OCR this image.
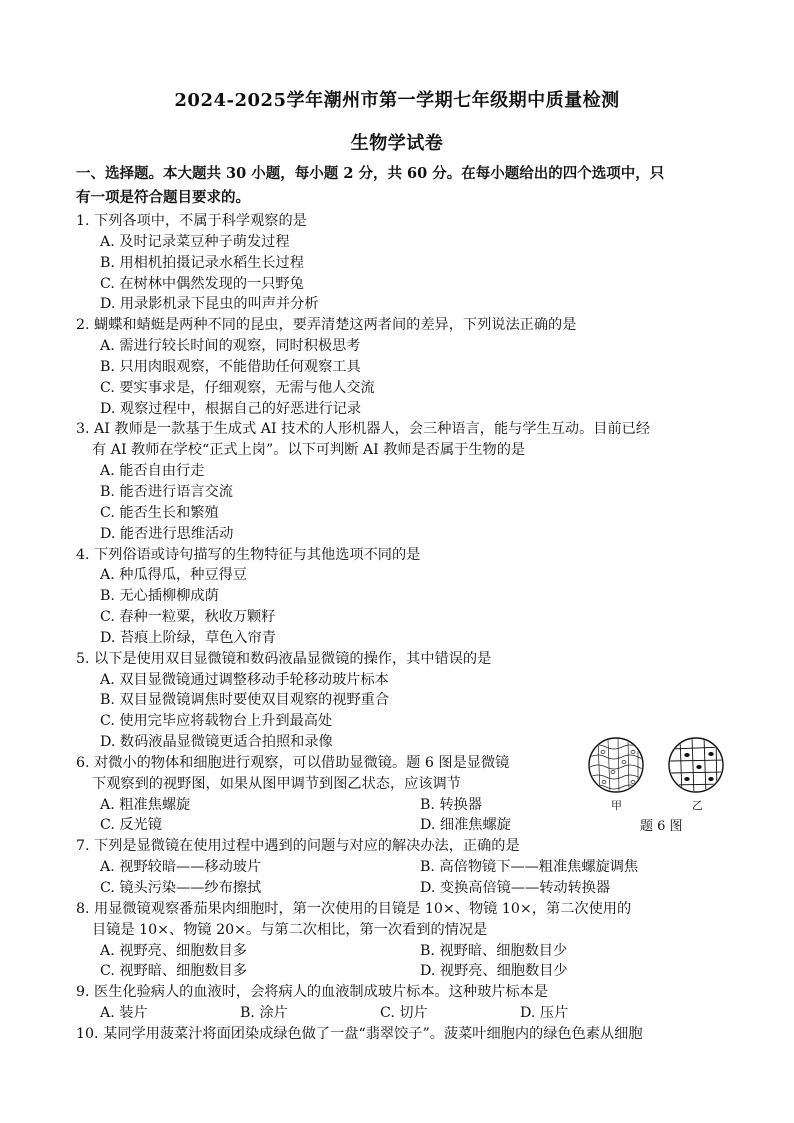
2024-2025学年潮州市第一学期七年级期中质量检测
生物学试卷
一、选择题。本大题共 30 小题，每小题 2 分，共 60 分。在每小题给出的四个选项中，只
有一项是符合题目要求的。
1. 下列各项中，不属于科学观察的是
A. 及时记录菜豆种子萌发过程
B. 用相机拍摄记录水稻生长过程
C. 在树林中偶然发现的一只野兔
D. 用录影机录下昆虫的叫声并分析
2. 蝴蝶和蜻蜓是两种不同的昆虫，要弄清楚这两者间的差异，下列说法正确的是
A. 需进行较长时间的观察，同时积极思考
B. 只用肉眼观察，不能借助任何观察工具
C. 要实事求是，仔细观察，无需与他人交流
D. 观察过程中，根据自己的好恶进行记录
3. AI 教师是一款基于生成式 AI 技术的人形机器人，会三种语言，能与学生互动。目前已经
有 AI 教师在学校“正式上岗”。以下可判断 AI 教师是否属于生物的是
A. 能否自由行走
B. 能否进行语言交流
C. 能否生长和繁殖
D. 能否进行思维活动
4. 下列俗语或诗句描写的生物特征与其他选项不同的是
A. 种瓜得瓜，种豆得豆
B. 无心插柳柳成荫
C. 春种一粒粟，秋收万颗籽
D. 苔痕上阶绿，草色入帘青
5. 以下是使用双目显微镜和数码液晶显微镜的操作，其中错误的是
A. 双目显微镜通过调整移动手轮移动玻片标本
B. 双目显微镜调焦时要使双目观察的视野重合
C. 使用完毕应将载物台上升到最高处
D. 数码液晶显微镜更适合拍照和录像
6. 对微小的物体和细胞进行观察，可以借助显微镜。题 6 图是显微镜
下观察到的视野图，如果从图甲调节到图乙状态，应该调节
A. 粗准焦螺旋	B. 转换器
C. 反光镜	D. 细准焦螺旋
7. 下列是显微镜在使用过程中遇到的问题与对应的解决办法，正确的是
A. 视野较暗——移动玻片	B. 高倍物镜下——粗准焦螺旋调焦
C. 镜头污染——纱布擦拭	D. 变换高倍镜——转动转换器
8. 用显微镜观察番茄果肉细胞时，第一次使用的目镜是 10×、物镜 10×，第二次使用的
目镜是 10×、物镜 20×。与第二次相比，第一次看到的情况是
A. 视野亮、细胞数目多	B. 视野暗、细胞数目少
C. 视野暗、细胞数目多	D. 视野亮、细胞数目少
9. 医生化验病人的血液时，会将病人的血液制成玻片标本。这种玻片标本是
A. 装片	B. 涂片	C. 切片	D. 压片
10. 某同学用菠菜汁将面团染成绿色做了一盘“翡翠饺子”。菠菜叶细胞内的绿色色素从细胞
甲	乙
题 6 图
